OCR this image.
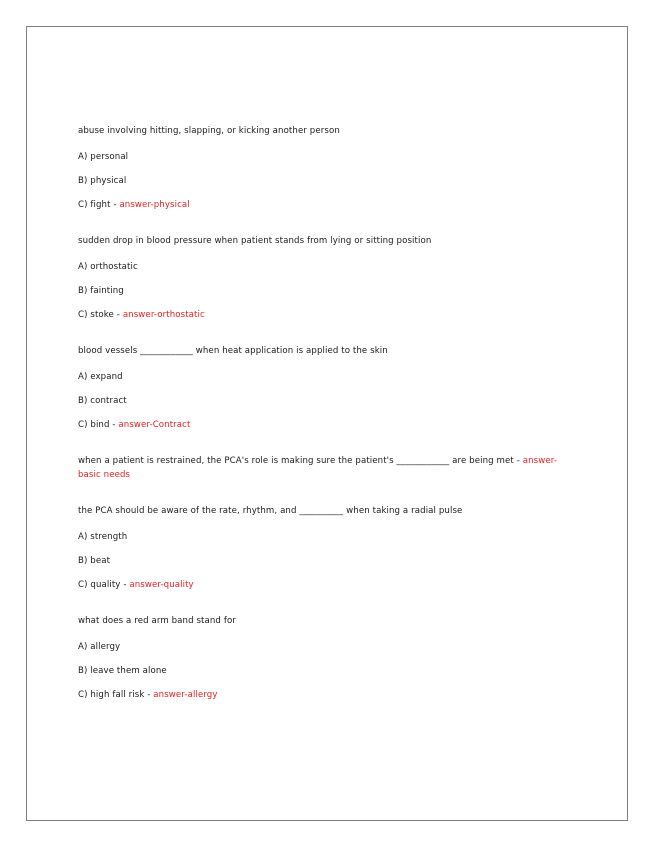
abuse involving hitting, slapping, or kicking another person
A) personal
B) physical
C) fight - answer-physical
sudden drop in blood pressure when patient stands from lying or sitting position
A) orthostatic
B) fainting
C) stoke - answer-orthostatic
blood vessels ____________ when heat application is applied to the skin
A) expand
B) contract
C) bind - answer-Contract
when a patient is restrained, the PCA's role is making sure the patient's ____________ are being met - answer-basic needs
the PCA should be aware of the rate, rhythm, and __________ when taking a radial pulse
A) strength
B) beat
C) quality - answer-quality
what does a red arm band stand for
A) allergy
B) leave them alone
C) high fall risk - answer-allergy
